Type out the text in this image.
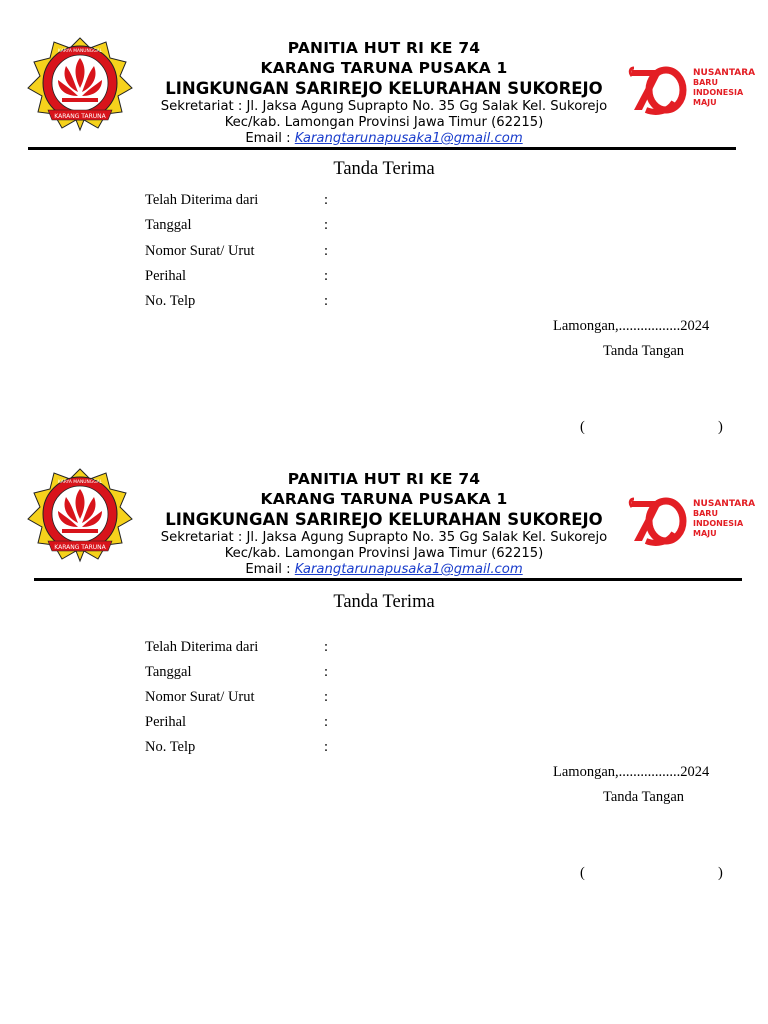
KARANG TARUNA
KARYA MANUNGGAL	PANITIA HUT RI KE 74
KARANG TARUNA PUSAKA 1
LINGKUNGAN SARIREJO KELURAHAN SUKOREJO
Sekretariat : Jl. Jaksa Agung Suprapto No. 35 Gg Salak Kel. Sukorejo
Kec/kab. Lamongan Provinsi Jawa Timur (62215)
Email : Karangtarunapusaka1@gmail.com
NUSANTARA
BARU
INDONESIA
MAJU
Tanda Terima
Telah Diterima dari	:
Tanggal	:
Nomor Surat/ Urut	:
Perihal	:
No. Telp	:
Lamongan,.................2024
Tanda Tangan
(	)
KARANG TARUNA
KARYA MANUNGGAL	PANITIA HUT RI KE 74
KARANG TARUNA PUSAKA 1
LINGKUNGAN SARIREJO KELURAHAN SUKOREJO
Sekretariat : Jl. Jaksa Agung Suprapto No. 35 Gg Salak Kel. Sukorejo
Kec/kab. Lamongan Provinsi Jawa Timur (62215)
Email : Karangtarunapusaka1@gmail.com
NUSANTARA
BARU
INDONESIA
MAJU
Tanda Terima
Telah Diterima dari	:
Tanggal	:
Nomor Surat/ Urut	:
Perihal	:
No. Telp	:
Lamongan,.................2024
Tanda Tangan
(	)
